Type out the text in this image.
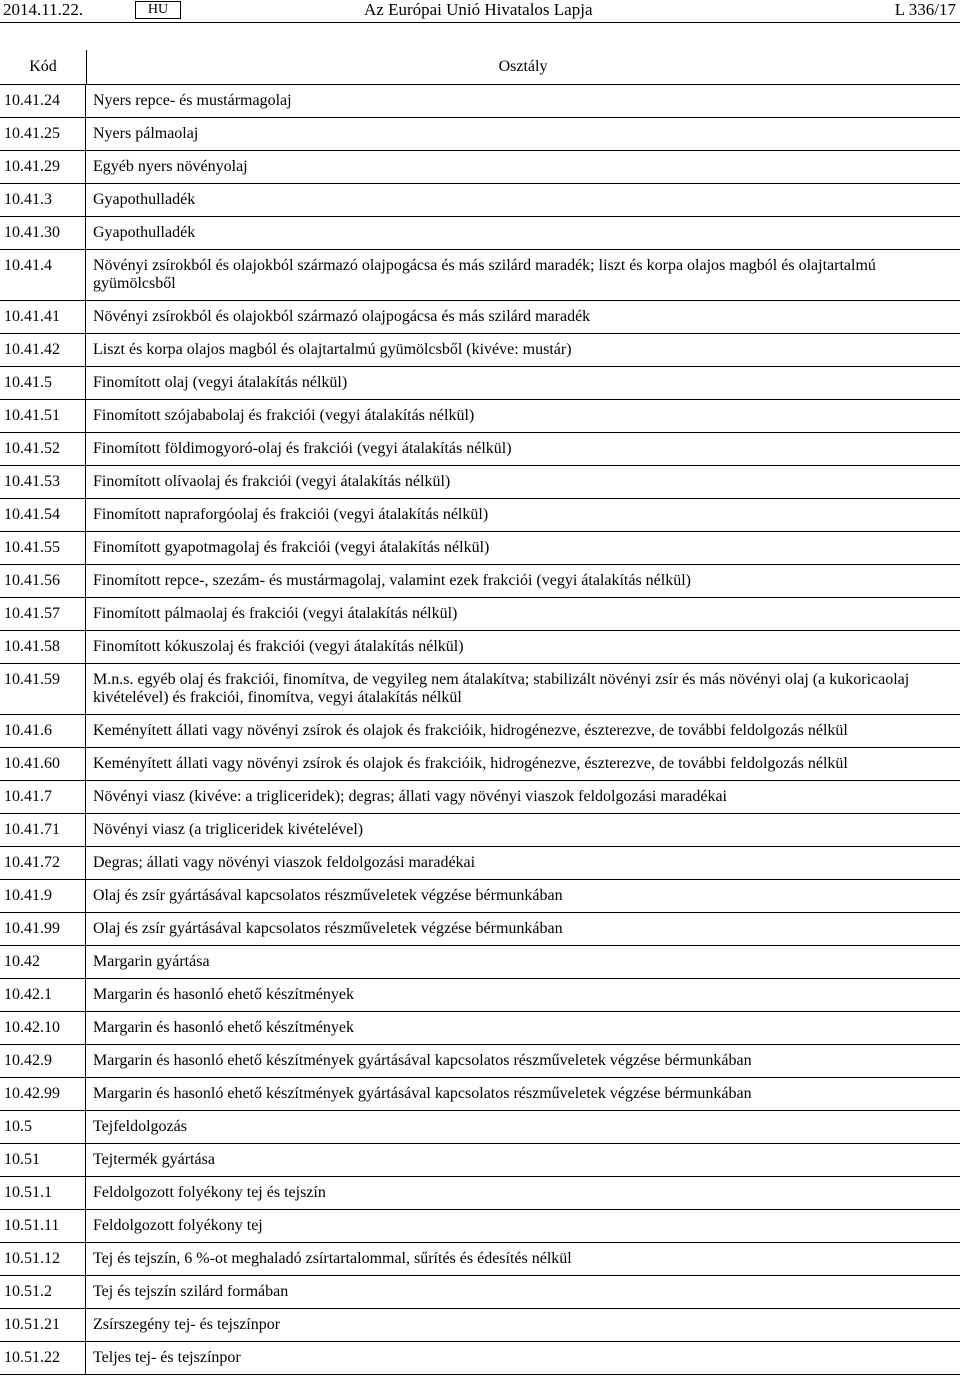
2014.11.22.	HU	Az Európai Unió Hivatalos Lapja	L 336/17
Kód	Osztály
10.41.24	Nyers repce- és mustármagolaj
10.41.25	Nyers pálmaolaj
10.41.29	Egyéb nyers növényolaj
10.41.3	Gyapothulladék
10.41.30	Gyapothulladék
10.41.4	Növényi zsírokból és olajokból származó olajpogácsa és más szilárd maradék; liszt és korpa olajos magból és olajtartalmú gyümölcsből
10.41.41	Növényi zsírokból és olajokból származó olajpogácsa és más szilárd maradék
10.41.42	Liszt és korpa olajos magból és olajtartalmú gyümölcsből (kivéve: mustár)
10.41.5	Finomított olaj (vegyi átalakítás nélkül)
10.41.51	Finomított szójababolaj és frakciói (vegyi átalakítás nélkül)
10.41.52	Finomított földimogyoró-olaj és frakciói (vegyi átalakítás nélkül)
10.41.53	Finomított olívaolaj és frakciói (vegyi átalakítás nélkül)
10.41.54	Finomított napraforgóolaj és frakciói (vegyi átalakítás nélkül)
10.41.55	Finomított gyapotmagolaj és frakciói (vegyi átalakítás nélkül)
10.41.56	Finomított repce-, szezám- és mustármagolaj, valamint ezek frakciói (vegyi átalakítás nélkül)
10.41.57	Finomított pálmaolaj és frakciói (vegyi átalakítás nélkül)
10.41.58	Finomított kókuszolaj és frakciói (vegyi átalakítás nélkül)
10.41.59	M.n.s. egyéb olaj és frakciói, finomítva, de vegyileg nem átalakítva; stabilizált növényi zsír és más növényi olaj (a kukoricaolaj kivételével) és frakciói, finomítva, vegyi átalakítás nélkül
10.41.6	Keményített állati vagy növényi zsírok és olajok és frakcióik, hidrogénezve, észterezve, de további feldolgozás nélkül
10.41.60	Keményített állati vagy növényi zsírok és olajok és frakcióik, hidrogénezve, észterezve, de további feldolgozás nélkül
10.41.7	Növényi viasz (kivéve: a trigliceridek); degras; állati vagy növényi viaszok feldolgozási maradékai
10.41.71	Növényi viasz (a trigliceridek kivételével)
10.41.72	Degras; állati vagy növényi viaszok feldolgozási maradékai
10.41.9	Olaj és zsír gyártásával kapcsolatos részműveletek végzése bérmunkában
10.41.99	Olaj és zsír gyártásával kapcsolatos részműveletek végzése bérmunkában
10.42	Margarin gyártása
10.42.1	Margarin és hasonló ehető készítmények
10.42.10	Margarin és hasonló ehető készítmények
10.42.9	Margarin és hasonló ehető készítmények gyártásával kapcsolatos részműveletek végzése bérmunkában
10.42.99	Margarin és hasonló ehető készítmények gyártásával kapcsolatos részműveletek végzése bérmunkában
10.5	Tejfeldolgozás
10.51	Tejtermék gyártása
10.51.1	Feldolgozott folyékony tej és tejszín
10.51.11	Feldolgozott folyékony tej
10.51.12	Tej és tejszín, 6 %-ot meghaladó zsírtartalommal, sűrítés és édesítés nélkül
10.51.2	Tej és tejszín szilárd formában
10.51.21	Zsírszegény tej- és tejszínpor
10.51.22	Teljes tej- és tejszínpor
